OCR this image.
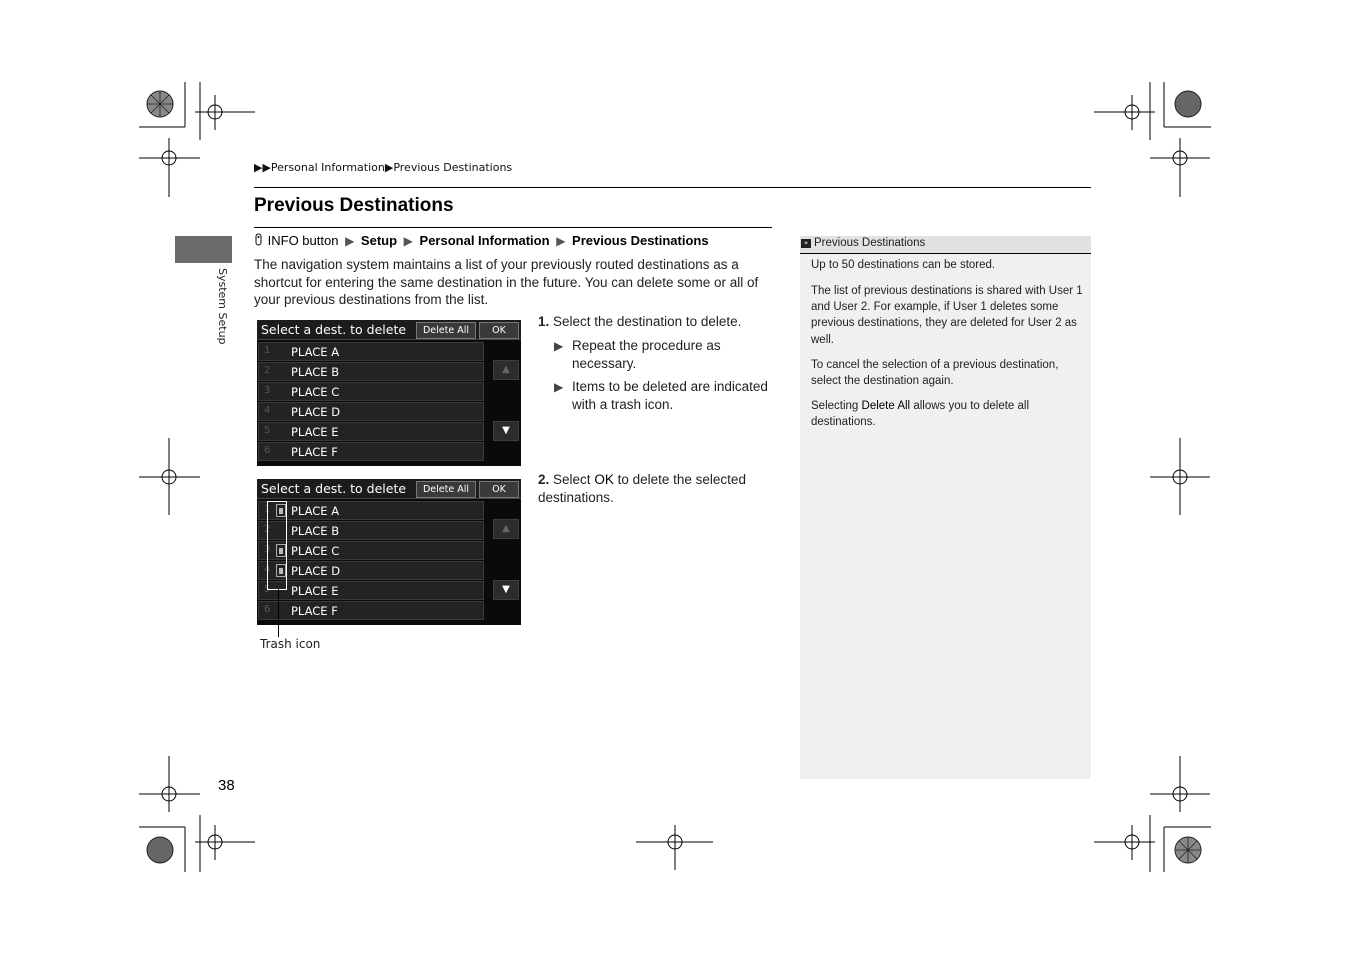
System Setup
▶▶Personal Information▶Previous Destinations
Previous Destinations
INFO button ▶ Setup ▶ Personal Information ▶ Previous Destinations
The navigation system maintains a list of your previously routed destinations as a shortcut for entering the same destination in the future. You can delete some or all of your previous destinations from the list.
Select a dest. to delete	Delete All	OK
1 PLACE A
2 PLACE B
3 PLACE C
4 PLACE D
5 PLACE E
6 PLACE F
▲
▼
Select a dest. to delete	Delete All	OK
1 PLACE A
2 PLACE B
3 PLACE C
4 PLACE D
5 PLACE E
6 PLACE F
▲
▼
Trash icon
1. Select the destination to delete.
▶ Repeat the procedure as necessary.
▶ Items to be deleted are indicated with a trash icon.
2. Select OK to delete the selected destinations.
» Previous Destinations
Up to 50 destinations can be stored.
The list of previous destinations is shared with User 1 and User 2. For example, if User 1 deletes some previous destinations, they are deleted for User 2 as well.
To cancel the selection of a previous destination, select the destination again.
Selecting Delete All allows you to delete all destinations.
38
